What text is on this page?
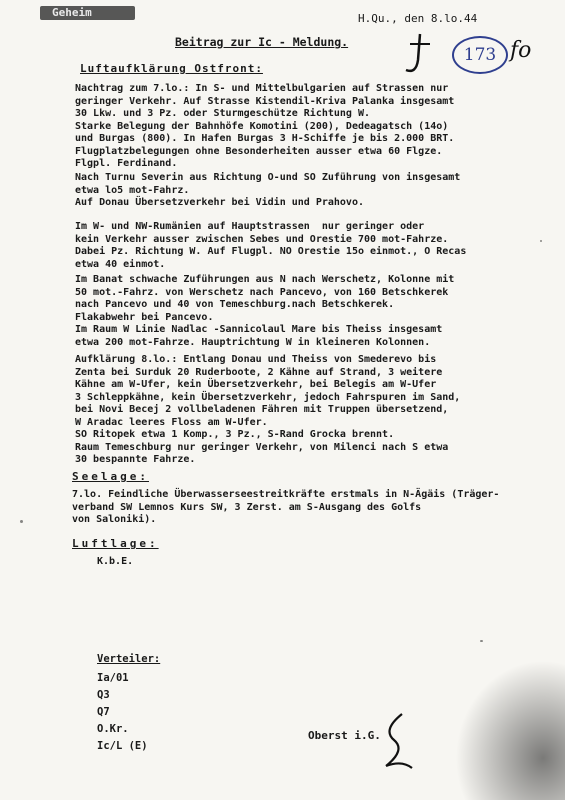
Geheim	H.Qu., den 8.lo.44
173 fo
Beitrag zur Ic - Meldung.
Luftaufklärung Ostfront:
Nachtrag zum 7.lo.: In S- und Mittelbulgarien auf Strassen nur
geringer Verkehr. Auf Strasse Kistendil-Kriva Palanka insgesamt
30 Lkw. und 3 Pz. oder Sturmgeschütze Richtung W.
Starke Belegung der Bahnhöfe Komotini (200), Dedeagatsch (14o)
und Burgas (800). In Hafen Burgas 3 H-Schiffe je bis 2.000 BRT.
Flugplatzbelegungen ohne Besonderheiten ausser etwa 60 Flgze.
Flgpl. Ferdinand.
Nach Turnu Severin aus Richtung O-und SO Zuführung von insgesamt
etwa lo5 mot-Fahrz.
Auf Donau Übersetzverkehr bei Vidin und Prahovo.
Im W- und NW-Rumänien auf Hauptstrassen  nur geringer oder
kein Verkehr ausser zwischen Sebes und Orestie 700 mot-Fahrze.
Dabei Pz. Richtung W. Auf Flugpl. NO Orestie 15o einmot., O Recas
etwa 40 einmot.
Im Banat schwache Zuführungen aus N nach Werschetz, Kolonne mit
50 mot.-Fahrz. von Werschetz nach Pancevo, von 160 Betschkerek
nach Pancevo und 40 von Temeschburg.nach Betschkerek.
Flakabwehr bei Pancevo.
Im Raum W Linie Nadlac -Sannicolaul Mare bis Theiss insgesamt
etwa 200 mot-Fahrze. Hauptrichtung W in kleineren Kolonnen.
Aufklärung 8.lo.: Entlang Donau und Theiss von Smederevo bis
Zenta bei Surduk 20 Ruderboote, 2 Kähne auf Strand, 3 weitere
Kähne am W-Ufer, kein Übersetzverkehr, bei Belegis am W-Ufer
3 Schleppkähne, kein Übersetzverkehr, jedoch Fahrspuren im Sand,
bei Novi Becej 2 vollbeladenen Fähren mit Truppen übersetzend,
W Aradac leeres Floss am W-Ufer.
SO Ritopek etwa 1 Komp., 3 Pz., S-Rand Grocka brennt.
Raum Temeschburg nur geringer Verkehr, von Milenci nach S etwa
30 bespannte Fahrze.
Seelage:
7.lo. Feindliche Überwasserseestreitkräfte erstmals in N-Ägäis (Träger-
verband SW Lemnos Kurs SW, 3 Zerst. am S-Ausgang des Golfs
von Saloniki).
Luftlage:
K.b.E.
Verteiler:
Ia/01
Q3
Q7
O.Kr.
Ic/L (E)
Oberst i.G.
